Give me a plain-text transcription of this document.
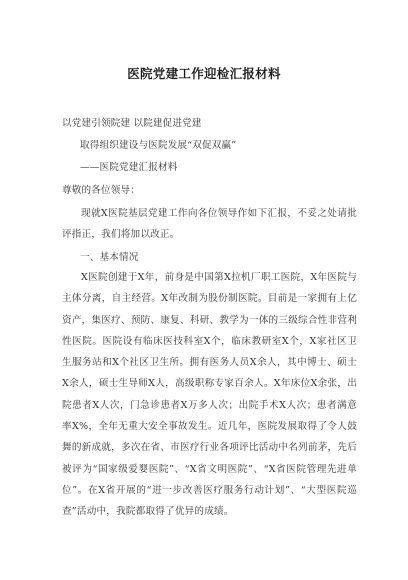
医院党建工作迎检汇报材料
以党建引领院建 以院建促进党建
取得组织建设与医院发展“双促双赢”
——医院党建汇报材料
尊敬的各位领导：

现就X医院基层党建工作向各位领导作如下汇报，不妥之处请批评指正，我们将加以改正。

一、基本情况

X医院创建于X年，前身是中国第X拉机厂职工医院，X年医院与主体分离，自主经营。X年改制为股份制医院。目前是一家拥有上亿资产，集医疗、预防、康复、科研、教学为一体的三级综合性非营利性医院。医院设有临床医技科室X个，临床教研室X个，X家社区卫生服务站和X个社区卫生所。拥有医务人员X余人，其中博士、硕士X余人，硕士生导师X人，高级职称专家百余人。X年床位X余张，出院患者X人次，门急诊患者X万多人次；出院手术X人次；患者满意率X%，全年无重大安全事故发生。近几年，医院发展取得了令人鼓舞的新成就，多次在省、市医疗行业各项评比活动中名列前茅，先后被评为“国家级爱婴医院”、“X省文明医院”、“X省医院管理先进单位”。在X省开展的“进一步改善医疗服务行动计划”、“大型医院巡查”活动中，我院都取得了优异的成绩。
